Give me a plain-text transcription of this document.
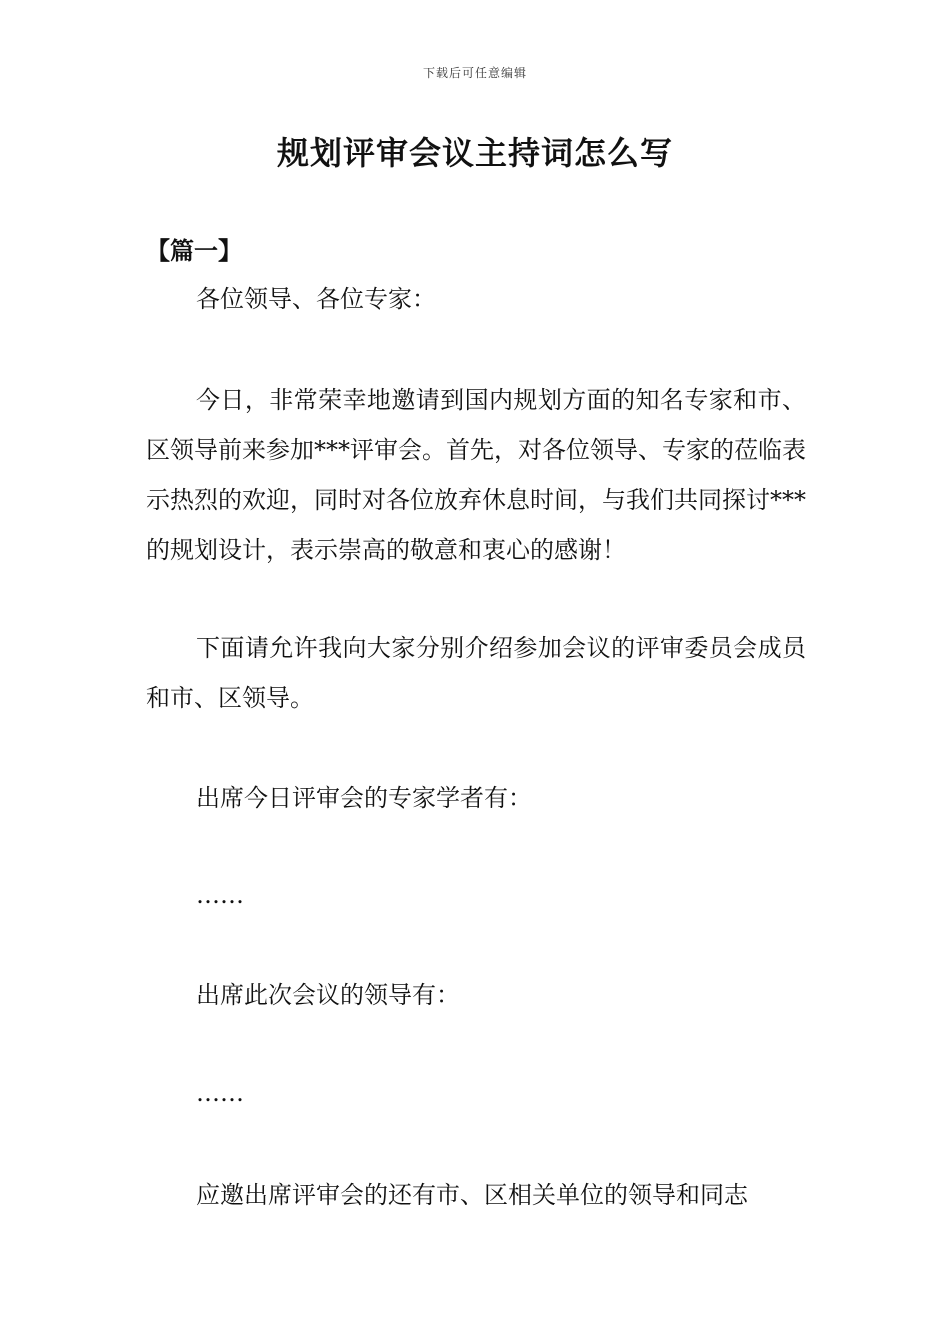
下载后可任意编辑
规划评审会议主持词怎么写
【篇一】
各位领导、各位专家：
今日，非常荣幸地邀请到国内规划方面的知名专家和市、区领导前来参加***评审会。首先，对各位领导、专家的莅临表示热烈的欢迎，同时对各位放弃休息时间，与我们共同探讨***的规划设计，表示崇高的敬意和衷心的感谢！
下面请允许我向大家分别介绍参加会议的评审委员会成员和市、区领导。
出席今日评审会的专家学者有：
……
出席此次会议的领导有：
……
应邀出席评审会的还有市、区相关单位的领导和同志
